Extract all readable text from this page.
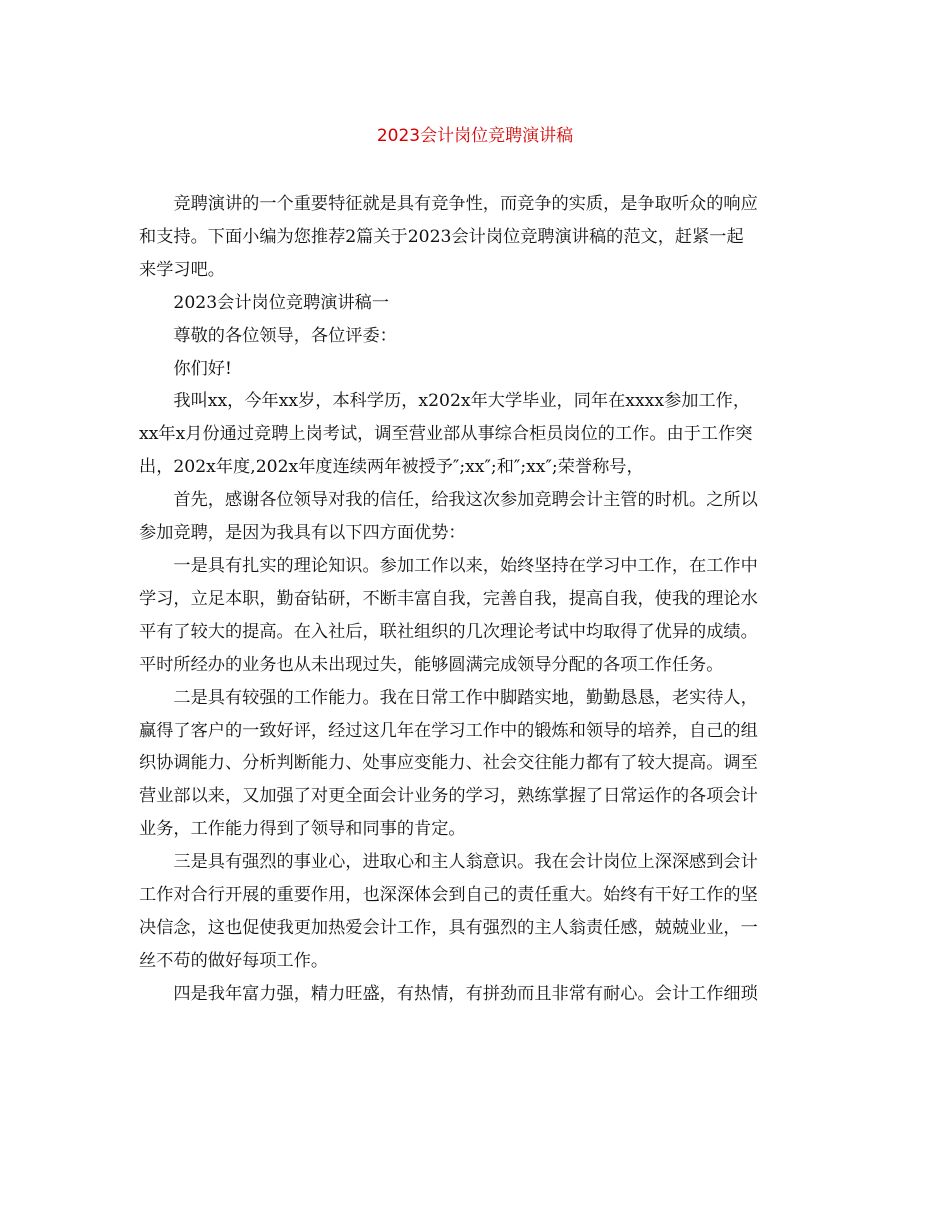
2023会计岗位竞聘演讲稿
竞聘演讲的一个重要特征就是具有竞争性，而竞争的实质，是争取听众的响应
和支持。下面小编为您推荐2篇关于2023会计岗位竞聘演讲稿的范文，赶紧一起
来学习吧。
2023会计岗位竞聘演讲稿一
尊敬的各位领导，各位评委：
你们好!
我叫xx，今年xx岁，本科学历，x202x年大学毕业，同年在xxxx参加工作，
xx年x月份通过竞聘上岗考试，调至营业部从事综合柜员岗位的工作。由于工作突
出，202x年度,202x年度连续两年被授予″;xx″;和″;xx″;荣誉称号，
首先，感谢各位领导对我的信任，给我这次参加竞聘会计主管的时机。之所以
参加竞聘，是因为我具有以下四方面优势：
一是具有扎实的理论知识。参加工作以来，始终坚持在学习中工作，在工作中
学习，立足本职，勤奋钻研，不断丰富自我，完善自我，提高自我，使我的理论水
平有了较大的提高。在入社后，联社组织的几次理论考试中均取得了优异的成绩。
平时所经办的业务也从未出现过失，能够圆满完成领导分配的各项工作任务。
二是具有较强的工作能力。我在日常工作中脚踏实地，勤勤恳恳，老实待人，
赢得了客户的一致好评，经过这几年在学习工作中的锻炼和领导的培养，自己的组
织协调能力、分析判断能力、处事应变能力、社会交往能力都有了较大提高。调至
营业部以来，又加强了对更全面会计业务的学习，熟练掌握了日常运作的各项会计
业务，工作能力得到了领导和同事的肯定。
三是具有强烈的事业心，进取心和主人翁意识。我在会计岗位上深深感到会计
工作对合行开展的重要作用，也深深体会到自己的责任重大。始终有干好工作的坚
决信念，这也促使我更加热爱会计工作，具有强烈的主人翁责任感，兢兢业业，一
丝不苟的做好每项工作。
四是我年富力强，精力旺盛，有热情，有拼劲而且非常有耐心。会计工作细琐
